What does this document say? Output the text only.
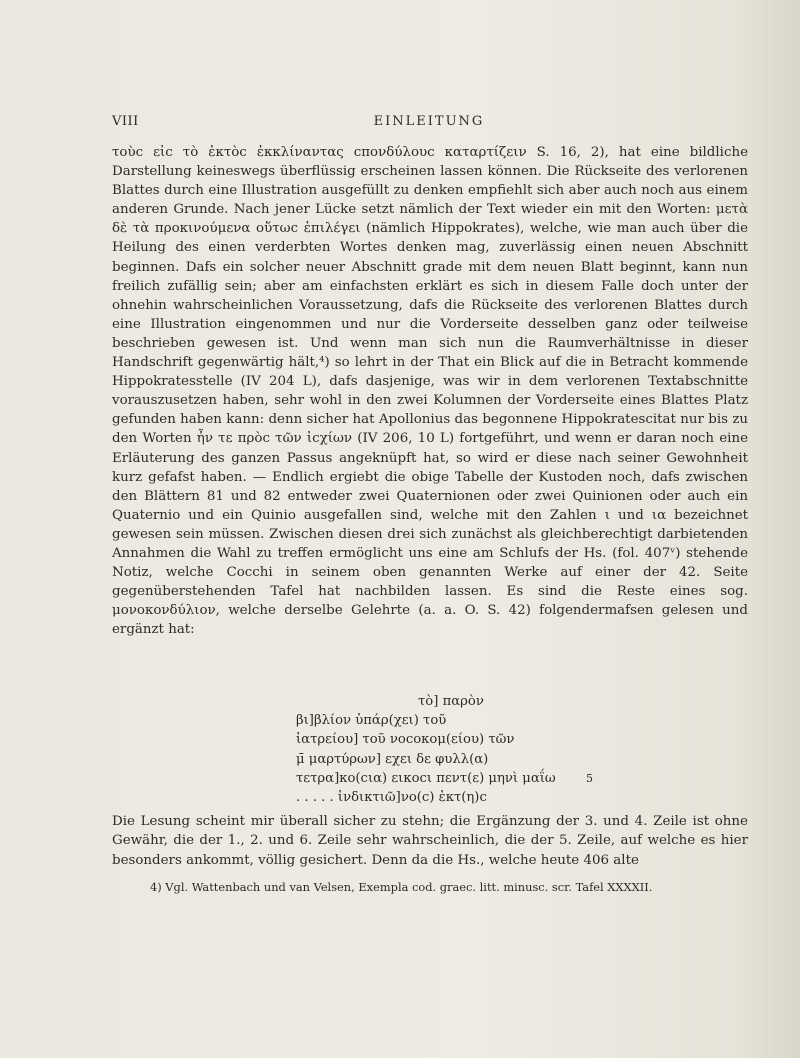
VIII	EINLEITUNG

τοὺϲ εἰϲ τὸ ἐκτὸϲ ἐκκλίναντας cπονδύλουϲ καταρτίζειν S. 16, 2), hat eine bildliche Darstellung keineswegs überflüssig erscheinen lassen können. Die Rückseite des verlorenen Blattes durch eine Illustration ausgefüllt zu denken empfiehlt sich aber auch noch aus einem anderen Grunde. Nach jener Lücke setzt nämlich der Text wieder ein mit den Worten: μετὰ δὲ τὰ προκινούμενα οὕτωϲ ἐπιλέγει (nämlich Hippokrates), welche, wie man auch über die Heilung des einen verderbten Wortes denken mag, zuverlässig einen neuen Abschnitt beginnen. Dafs ein solcher neuer Abschnitt grade mit dem neuen Blatt beginnt, kann nun freilich zufällig sein; aber am einfachsten erklärt es sich in diesem Falle doch unter der ohnehin wahrscheinlichen Voraussetzung, dafs die Rückseite des verlorenen Blattes durch eine Illustration eingenommen und nur die Vorderseite desselben ganz oder teilweise beschrieben gewesen ist. Und wenn man sich nun die Raumverhältnisse in dieser Handschrift gegenwärtig hält,⁴) so lehrt in der That ein Blick auf die in Betracht kommende Hippokratesstelle (IV 204 L), dafs dasjenige, was wir in dem verlorenen Textabschnitte vorauszusetzen haben, sehr wohl in den zwei Kolumnen der Vorderseite eines Blattes Platz gefunden haben kann: denn sicher hat Apollonius das begonnene Hippokratescitat nur bis zu den Worten ἦν τε πρὸϲ τῶν ἰϲχίων (IV 206, 10 L) fortgeführt, und wenn er daran noch eine Erläuterung des ganzen Passus angeknüpft hat, so wird er diese nach seiner Gewohnheit kurz gefafst haben. — Endlich ergiebt die obige Tabelle der Kustoden noch, dafs zwischen den Blättern 81 und 82 entweder zwei Quaternionen oder zwei Quinionen oder auch ein Quaternio und ein Quinio ausgefallen sind, welche mit den Zahlen ι und ια bezeichnet gewesen sein müssen. Zwischen diesen drei sich zunächst als gleichberechtigt darbietenden Annahmen die Wahl zu treffen ermöglicht uns eine am Schlufs der Hs. (fol. 407ᵛ) stehende Notiz, welche Cocchi in seinem oben genannten Werke auf einer der 42. Seite gegenüberstehenden Tafel hat nachbilden lassen. Es sind die Reste eines sog. μονοκονδύλιον, welche derselbe Gelehrte (a. a. O. S. 42) folgendermafsen gelesen und ergänzt hat:

τὸ] παρὸν
βι]βλίον ὑπάρ(χει) τοῦ
ἰατρείου] τοῦ νοϲοκομ(είου) τῶν
μ̄ μαρτύρων] εχει δε φυλλ(α)
τετρα]κο(ϲια) εικοϲι πεντ(ε) μηνὶ μαΐω	5
. . . . . ἰνδικτιῶ]νο(ϲ) ἑκτ(η)ϲ

Die Lesung scheint mir überall sicher zu stehn; die Ergänzung der 3. und 4. Zeile ist ohne Gewähr, die der 1., 2. und 6. Zeile sehr wahrscheinlich, die der 5. Zeile, auf welche es hier besonders ankommt, völlig gesichert. Denn da die Hs., welche heute 406 alte

4) Vgl. Wattenbach und van Velsen, Exempla cod. graec. litt. minusc. scr. Tafel XXXXII.
